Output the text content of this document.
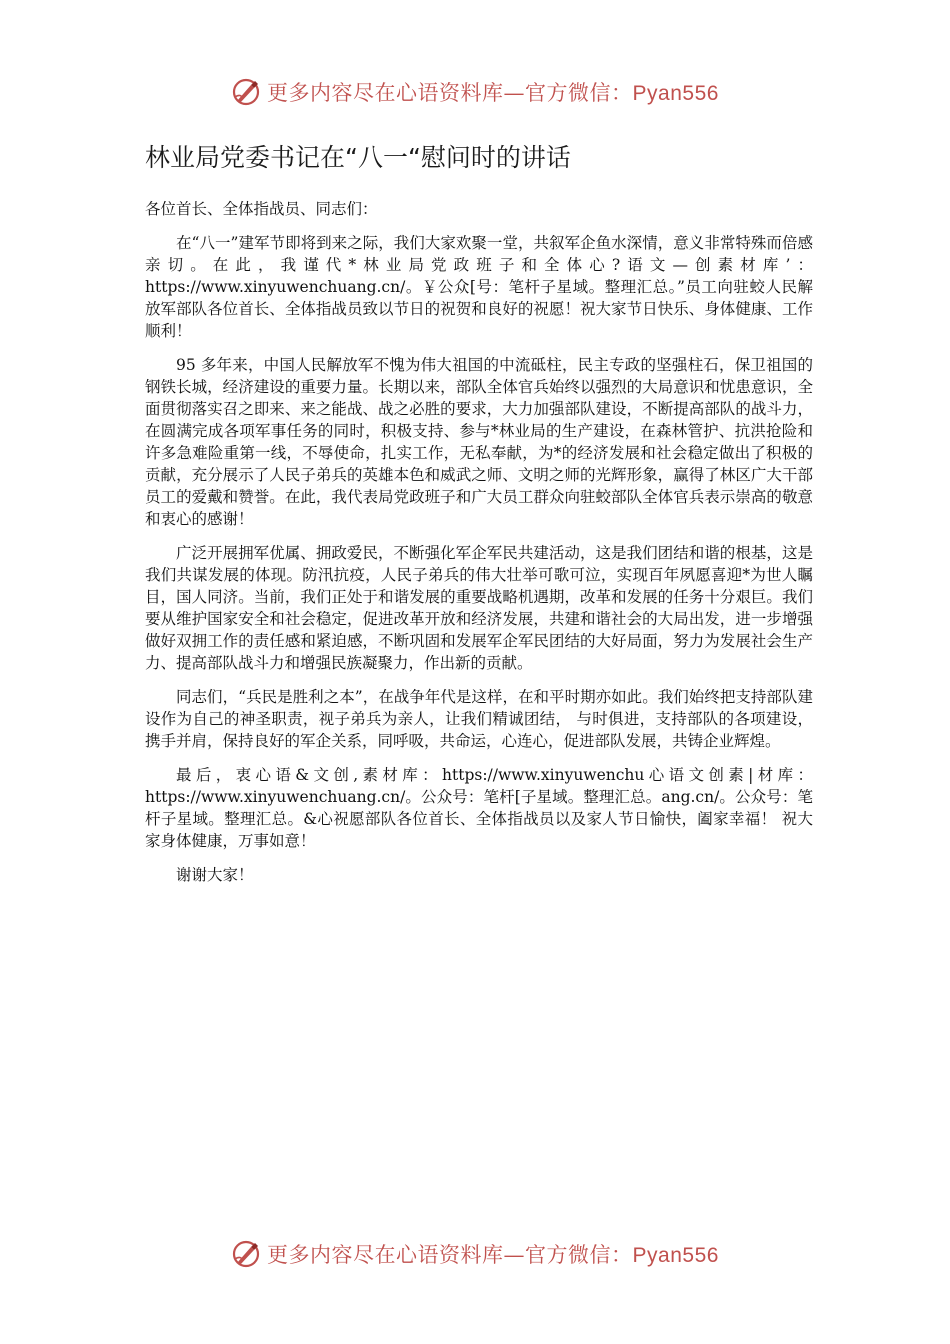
更多内容尽在心语资料库—官方微信：Pyan556
林业局党委书记在“八一“慰问时的讲话

各位首长、全体指战员、同志们：

在“八一”建军节即将到来之际，我们大家欢聚一堂，共叙军企鱼水深情，意义非常特殊而倍感亲切。在此，我谨代*林业局党政班子和全体心?语文—创素材库’：https://www.xinyuwenchuang.cn/。￥公众[号：笔杆子星域。整理汇总。”员工向驻蛟人民解放军部队各位首长、全体指战员致以节日的祝贺和良好的祝愿！祝大家节日快乐、身体健康、工作顺利！

95 多年来，中国人民解放军不愧为伟大祖国的中流砥柱，民主专政的坚强柱石，保卫祖国的钢铁长城，经济建设的重要力量。长期以来，部队全体官兵始终以强烈的大局意识和忧患意识，全面贯彻落实召之即来、来之能战、战之必胜的要求，大力加强部队建设，不断提高部队的战斗力，在圆满完成各项军事任务的同时，积极支持、参与*林业局的生产建设，在森林管护、抗洪抢险和许多急难险重第一线，不辱使命，扎实工作，无私奉献，为*的经济发展和社会稳定做出了积极的贡献，充分展示了人民子弟兵的英雄本色和威武之师、文明之师的光辉形象，赢得了林区广大干部员工的爱戴和赞誉。在此，我代表局党政班子和广大员工群众向驻蛟部队全体官兵表示崇高的敬意和衷心的感谢！

广泛开展拥军优属、拥政爱民，不断强化军企军民共建活动，这是我们团结和谐的根基，这是我们共谋发展的体现。防汛抗疫，人民子弟兵的伟大壮举可歌可泣，实现百年夙愿喜迎*为世人瞩目，国人同济。当前，我们正处于和谐发展的重要战略机遇期，改革和发展的任务十分艰巨。我们要从维护国家安全和社会稳定，促进改革开放和经济发展，共建和谐社会的大局出发，进一步增强做好双拥工作的责任感和紧迫感，不断巩固和发展军企军民团结的大好局面，努力为发展社会生产力、提高部队战斗力和增强民族凝聚力，作出新的贡献。

同志们，“兵民是胜利之本”，在战争年代是这样，在和平时期亦如此。我们始终把支持部队建设作为自己的神圣职责，视子弟兵为亲人，让我们精诚团结， 与时俱进，支持部队的各项建设，携手并肩，保持良好的军企关系，同呼吸，共命运，心连心，促进部队发展，共铸企业辉煌。

最后，衷心语&文创,素材库：https://www.xinyuwenchu心语文创素|材库：https://www.xinyuwenchuang.cn/。公众号：笔杆[子星域。整理汇总。ang.cn/。公众号：笔杆子星域。整理汇总。&心祝愿部队各位首长、全体指战员以及家人节日愉快，阖家幸福！ 祝大家身体健康，万事如意！

谢谢大家！

更多内容尽在心语资料库—官方微信：Pyan556
